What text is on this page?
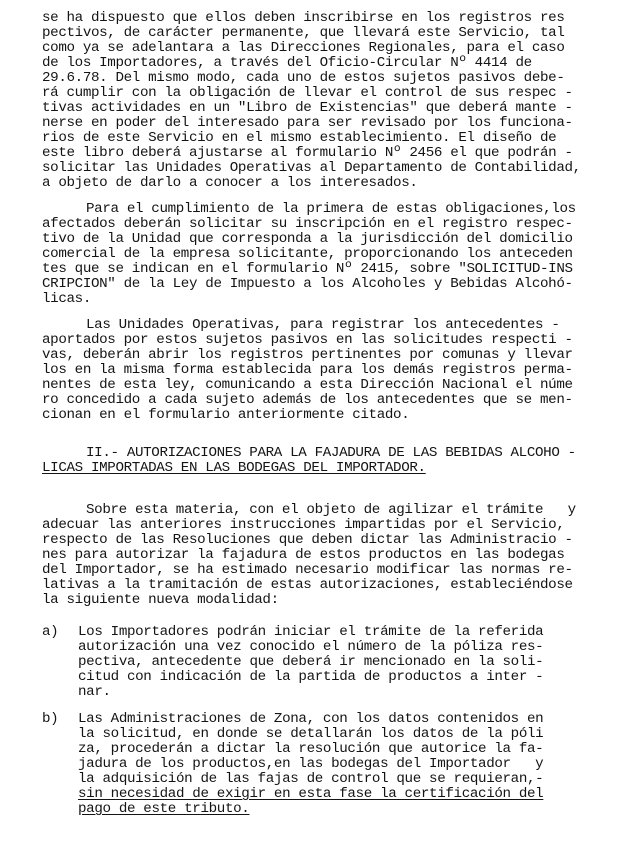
se ha dispuesto que ellos deben inscribirse en los registros res
pectivos, de carácter permanente, que llevará este Servicio, tal
como ya se adelantara a las Direcciones Regionales, para el caso
de los Importadores, a través del Oficio-Circular Nº 4414 de
29.6.78. Del mismo modo, cada uno de estos sujetos pasivos debe-
rá cumplir con la obligación de llevar el control de sus respec -
tivas actividades en un "Libro de Existencias" que deberá mante -
nerse en poder del interesado para ser revisado por los funciona-
rios de este Servicio en el mismo establecimiento. El diseño de
este libro deberá ajustarse al formulario Nº 2456 el que podrán -
solicitar las Unidades Operativas al Departamento de Contabilidad,
a objeto de darlo a conocer a los interesados.
Para el cumplimiento de la primera de estas obligaciones,los
afectados deberán solicitar su inscripción en el registro respec-
tivo de la Unidad que corresponda a la jurisdicción del domicilio
comercial de la empresa solicitante, proporcionando los anteceden
tes que se indican en el formulario Nº 2415, sobre "SOLICITUD-INS
CRIPCION" de la Ley de Impuesto a los Alcoholes y Bebidas Alcohó-
licas.
Las Unidades Operativas, para registrar los antecedentes -
aportados por estos sujetos pasivos en las solicitudes respecti -
vas, deberán abrir los registros pertinentes por comunas y llevar
los en la misma forma establecida para los demás registros perma-
nentes de esta ley, comunicando a esta Dirección Nacional el núme
ro concedido a cada sujeto además de los antecedentes que se men-
cionan en el formulario anteriormente citado.
II.- AUTORIZACIONES PARA LA FAJADURA DE LAS BEBIDAS ALCOHO -
LICAS IMPORTADAS EN LAS BODEGAS DEL IMPORTADOR.
Sobre esta materia, con el objeto de agilizar el trámite   y
adecuar las anteriores instrucciones impartidas por el Servicio,
respecto de las Resoluciones que deben dictar las Administracio -
nes para autorizar la fajadura de estos productos en las bodegas
del Importador, se ha estimado necesario modificar las normas re-
lativas a la tramitación de estas autorizaciones, estableciéndose
la siguiente nueva modalidad:
a) Los Importadores podrán iniciar el trámite de la referida
autorización una vez conocido el número de la póliza res-
pectiva, antecedente que deberá ir mencionado en la soli-
citud con indicación de la partida de productos a inter -
nar.
b) Las Administraciones de Zona, con los datos contenidos en
la solicitud, en donde se detallarán los datos de la póli
za, procederán a dictar la resolución que autorice la fa-
jadura de los productos,en las bodegas del Importador   y
la adquisición de las fajas de control que se requieran,-
sin necesidad de exigir en esta fase la certificación del
pago de este tributo.
